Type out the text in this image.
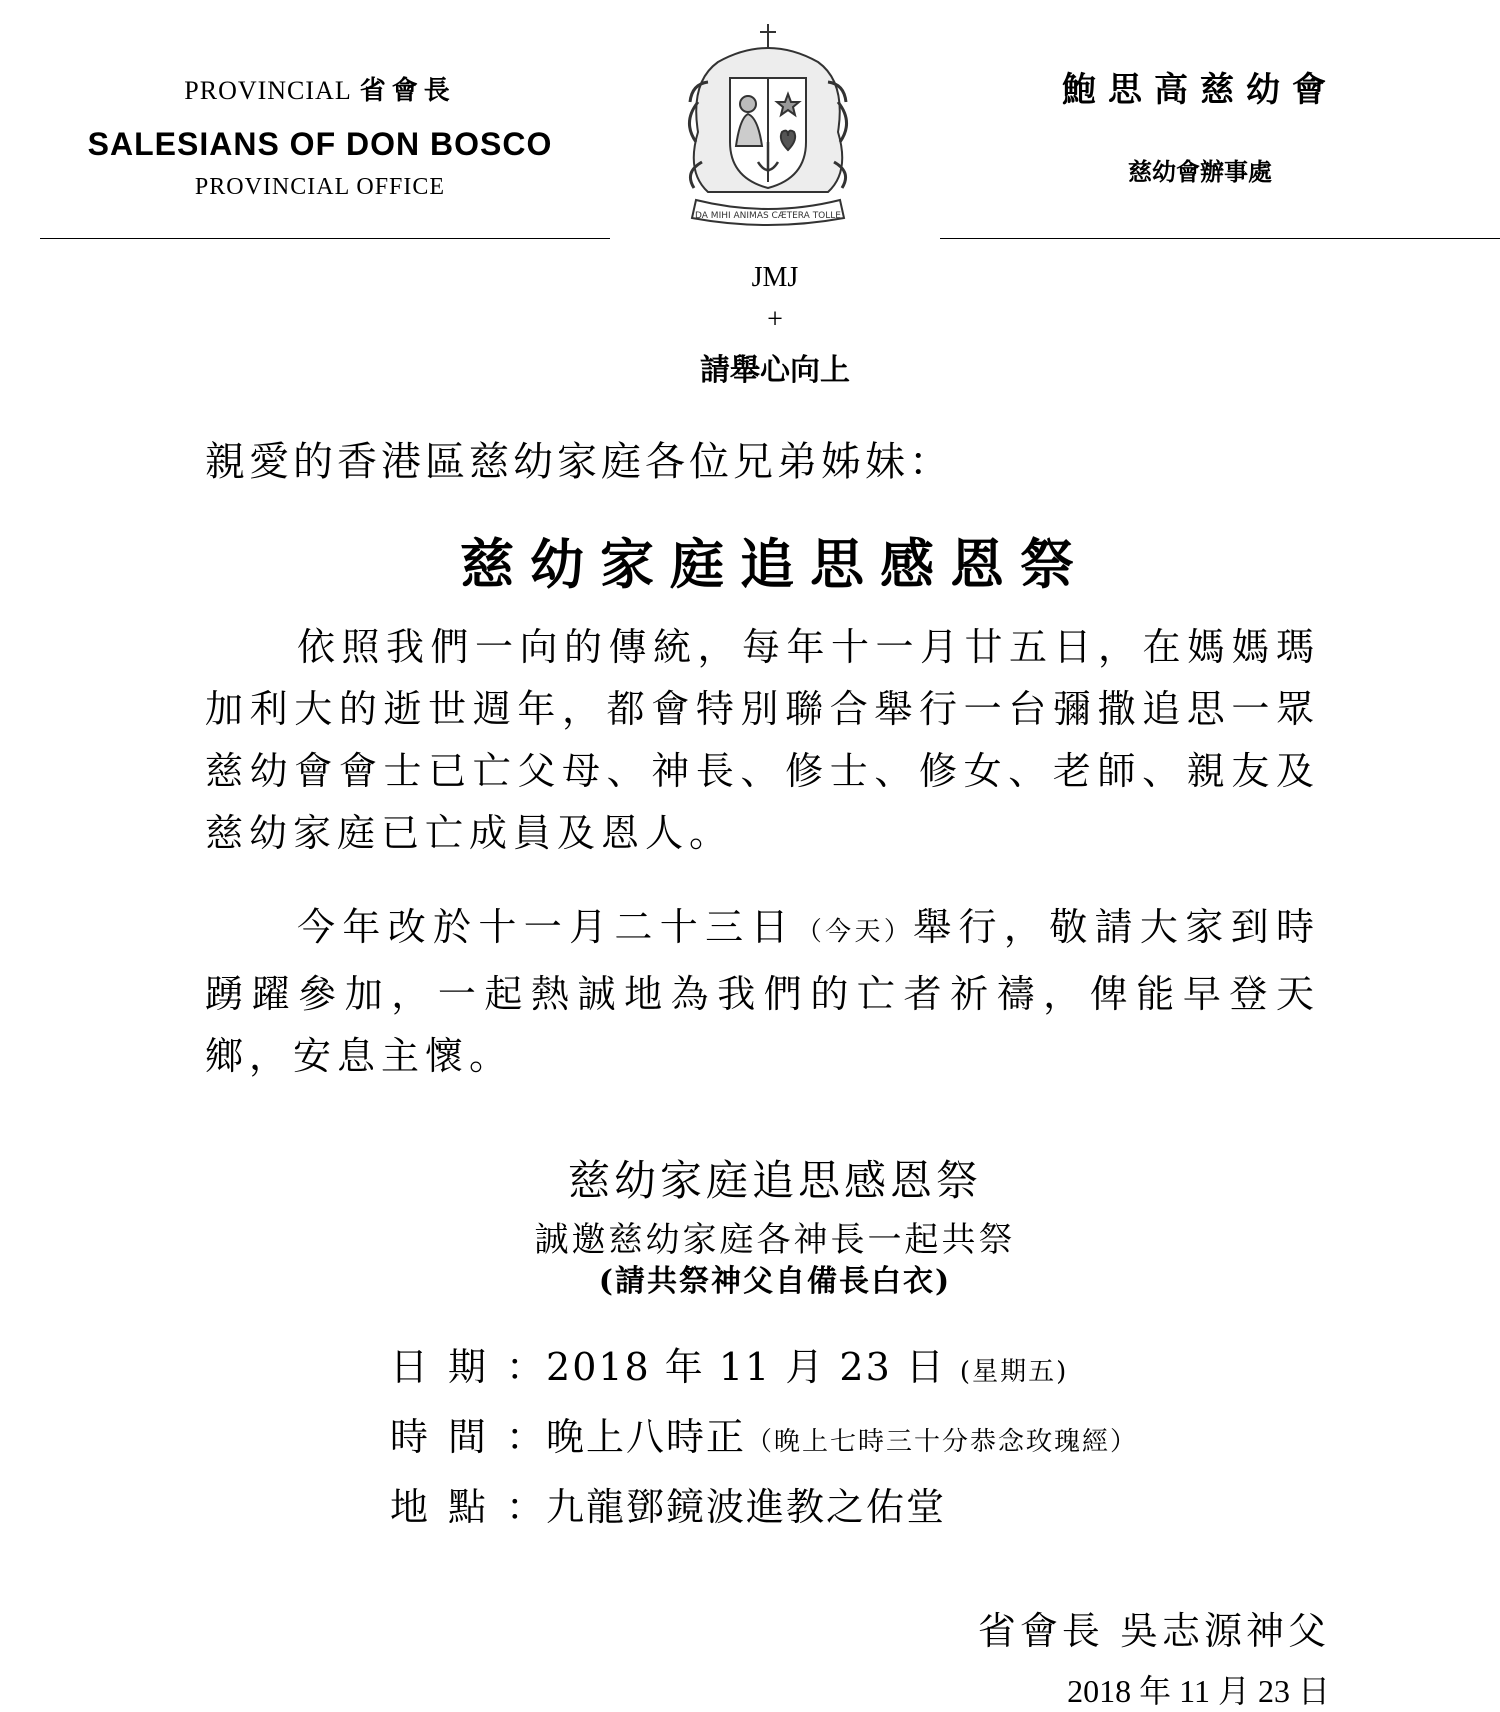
PROVINCIAL 省會長
SALESIANS OF DON BOSCO
PROVINCIAL OFFICE
鮑思高慈幼會
慈幼會辦事處
DA MIHI ANIMAS CÆTERA TOLLE
JMJ
+
請舉心向上
親愛的香港區慈幼家庭各位兄弟姊妹：
慈幼家庭追思感恩祭
依照我們一向的傳統，每年十一月廿五日，在媽媽瑪加利大的逝世週年，都會特別聯合舉行一台彌撒追思一眾慈幼會會士已亡父母、神長、修士、修女、老師、親友及慈幼家庭已亡成員及恩人。
今年改於十一月二十三日（今天）舉行，敬請大家到時踴躍參加，一起熱誠地為我們的亡者祈禱，俾能早登天鄉，安息主懷。
慈幼家庭追思感恩祭
誠邀慈幼家庭各神長一起共祭
(請共祭神父自備長白衣)
日期：2018 年 11 月 23 日 (星期五)
時間：晚上八時正（晚上七時三十分恭念玫瑰經）
地點：九龍鄧鏡波進教之佑堂
省會長 吳志源神父
2018 年 11 月 23 日
